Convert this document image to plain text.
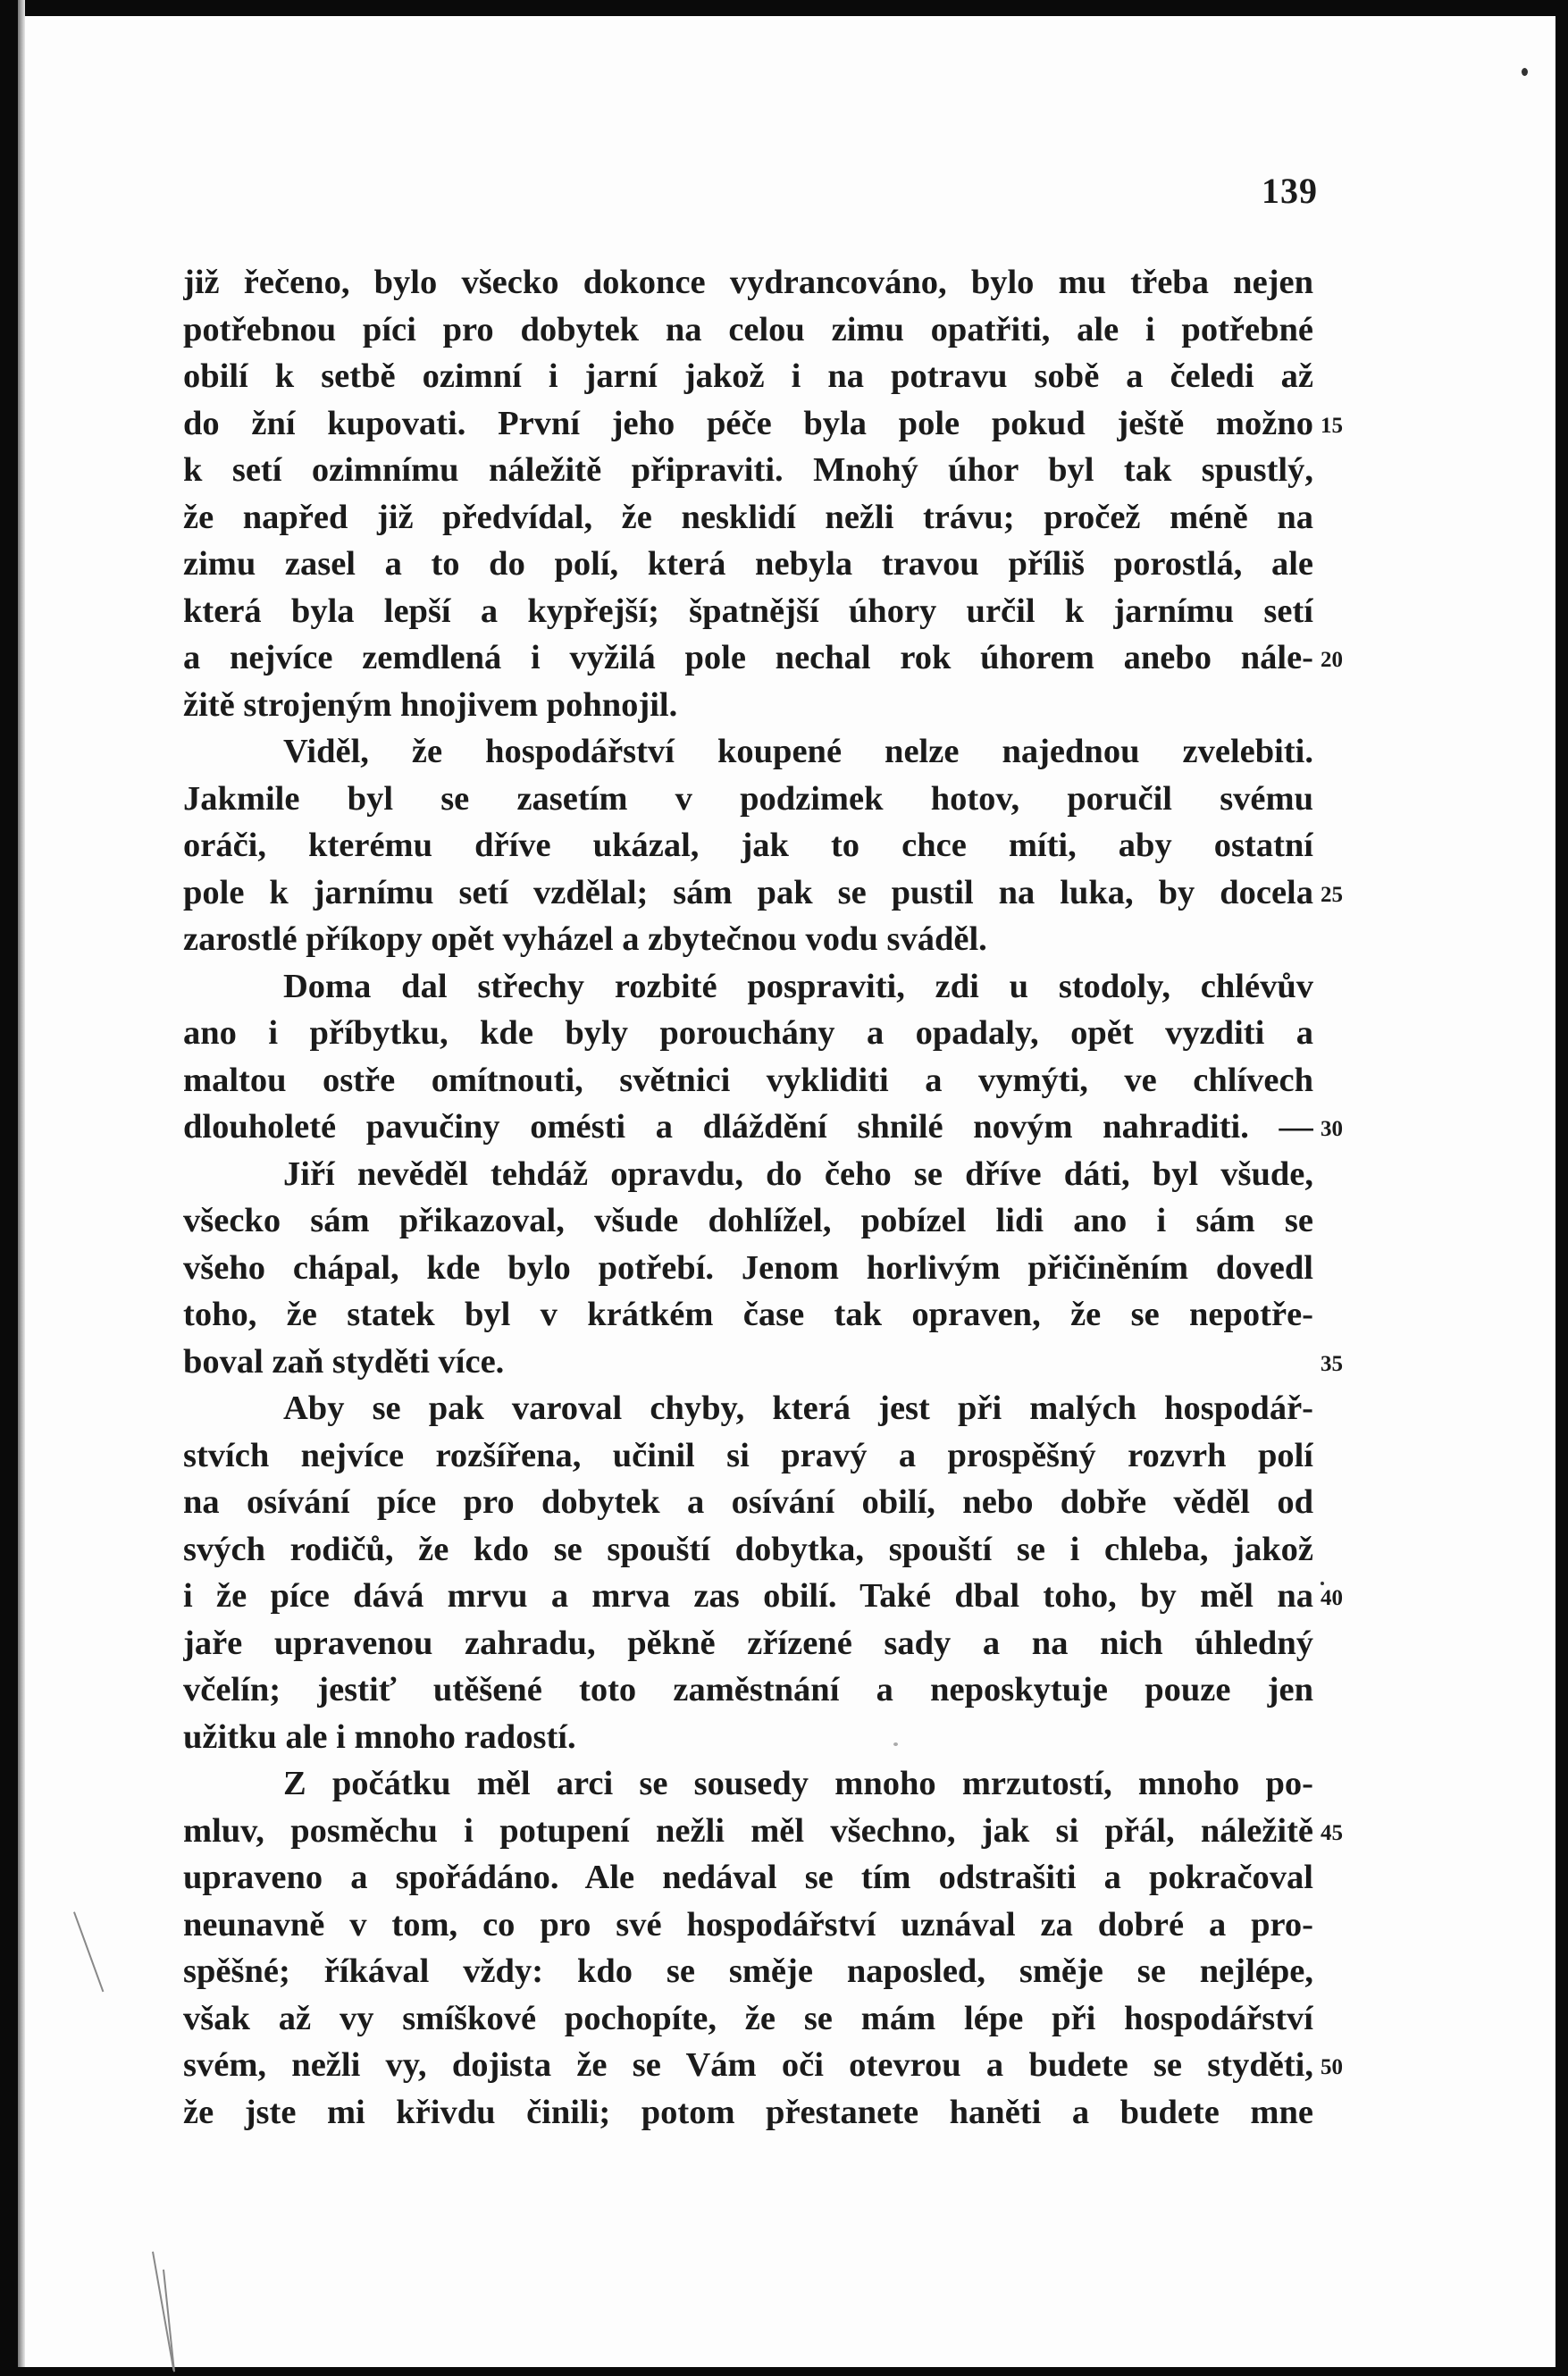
139
již řečeno, bylo všecko dokonce vydrancováno, bylo mu třeba nejen
potřebnou píci pro dobytek na celou zimu opatřiti, ale i potřebné
obilí k setbě ozimní i jarní jakož i na potravu sobě a čeledi až
do žní kupovati. První jeho péče byla pole pokud ještě možno
k setí ozimnímu náležitě připraviti. Mnohý úhor byl tak spustlý,
že napřed již předvídal, že nesklidí nežli trávu; pročež méně na
zimu zasel a to do polí, která nebyla travou příliš porostlá, ale
která byla lepší a kypřejší; špatnější úhory určil k jarnímu setí
a nejvíce zemdlená i vyžilá pole nechal rok úhorem anebo nále-
žitě strojeným hnojivem pohnojil.
Viděl, že hospodářství koupené nelze najednou zvelebiti.
Jakmile byl se zasetím v podzimek hotov, poručil svému
oráči, kterému dříve ukázal, jak to chce míti, aby ostatní
pole k jarnímu setí vzdělal; sám pak se pustil na luka, by docela
zarostlé příkopy opět vyházel a zbytečnou vodu sváděl.
Doma dal střechy rozbité pospraviti, zdi u stodoly, chlévův
ano i příbytku, kde byly porouchány a opadaly, opět vyzditi a
maltou ostře omítnouti, světnici vykliditi a vymýti, ve chlívech
dlouholeté pavučiny omésti a dláždění shnilé novým nahraditi. —
Jiří nevěděl tehdáž opravdu, do čeho se dříve dáti, byl všude,
všecko sám přikazoval, všude dohlížel, pobízel lidi ano i sám se
všeho chápal, kde bylo potřebí. Jenom horlivým přičiněním dovedl
toho, že statek byl v krátkém čase tak opraven, že se nepotře-
boval zaň styděti více.
Aby se pak varoval chyby, která jest při malých hospodář-
stvích nejvíce rozšířena, učinil si pravý a prospěšný rozvrh polí
na osívání píce pro dobytek a osívání obilí, nebo dobře věděl od
svých rodičů, že kdo se spouští dobytka, spouští se i chleba, jakož
i že píce dává mrvu a mrva zas obilí. Také dbal toho, by měl na
jaře upravenou zahradu, pěkně zřízené sady a na nich úhledný
včelín; jestiť utěšené toto zaměstnání a neposkytuje pouze jen
užitku ale i mnoho radostí.
Z počátku měl arci se sousedy mnoho mrzutostí, mnoho po-
mluv, posměchu i potupení nežli měl všechno, jak si přál, náležitě
upraveno a spořádáno. Ale nedával se tím odstrašiti a pokračoval
neunavně v tom, co pro své hospodářství uznával za dobré a pro-
spěšné; říkával vždy: kdo se směje naposled, směje se nejlépe,
však až vy smíškové pochopíte, že se mám lépe při hospodářství
svém, nežli vy, dojista že se Vám oči otevrou a budete se styděti,
že jste mi křivdu činili; potom přestanete haněti a budete mne
15
20
25
30
35
40
45
50
